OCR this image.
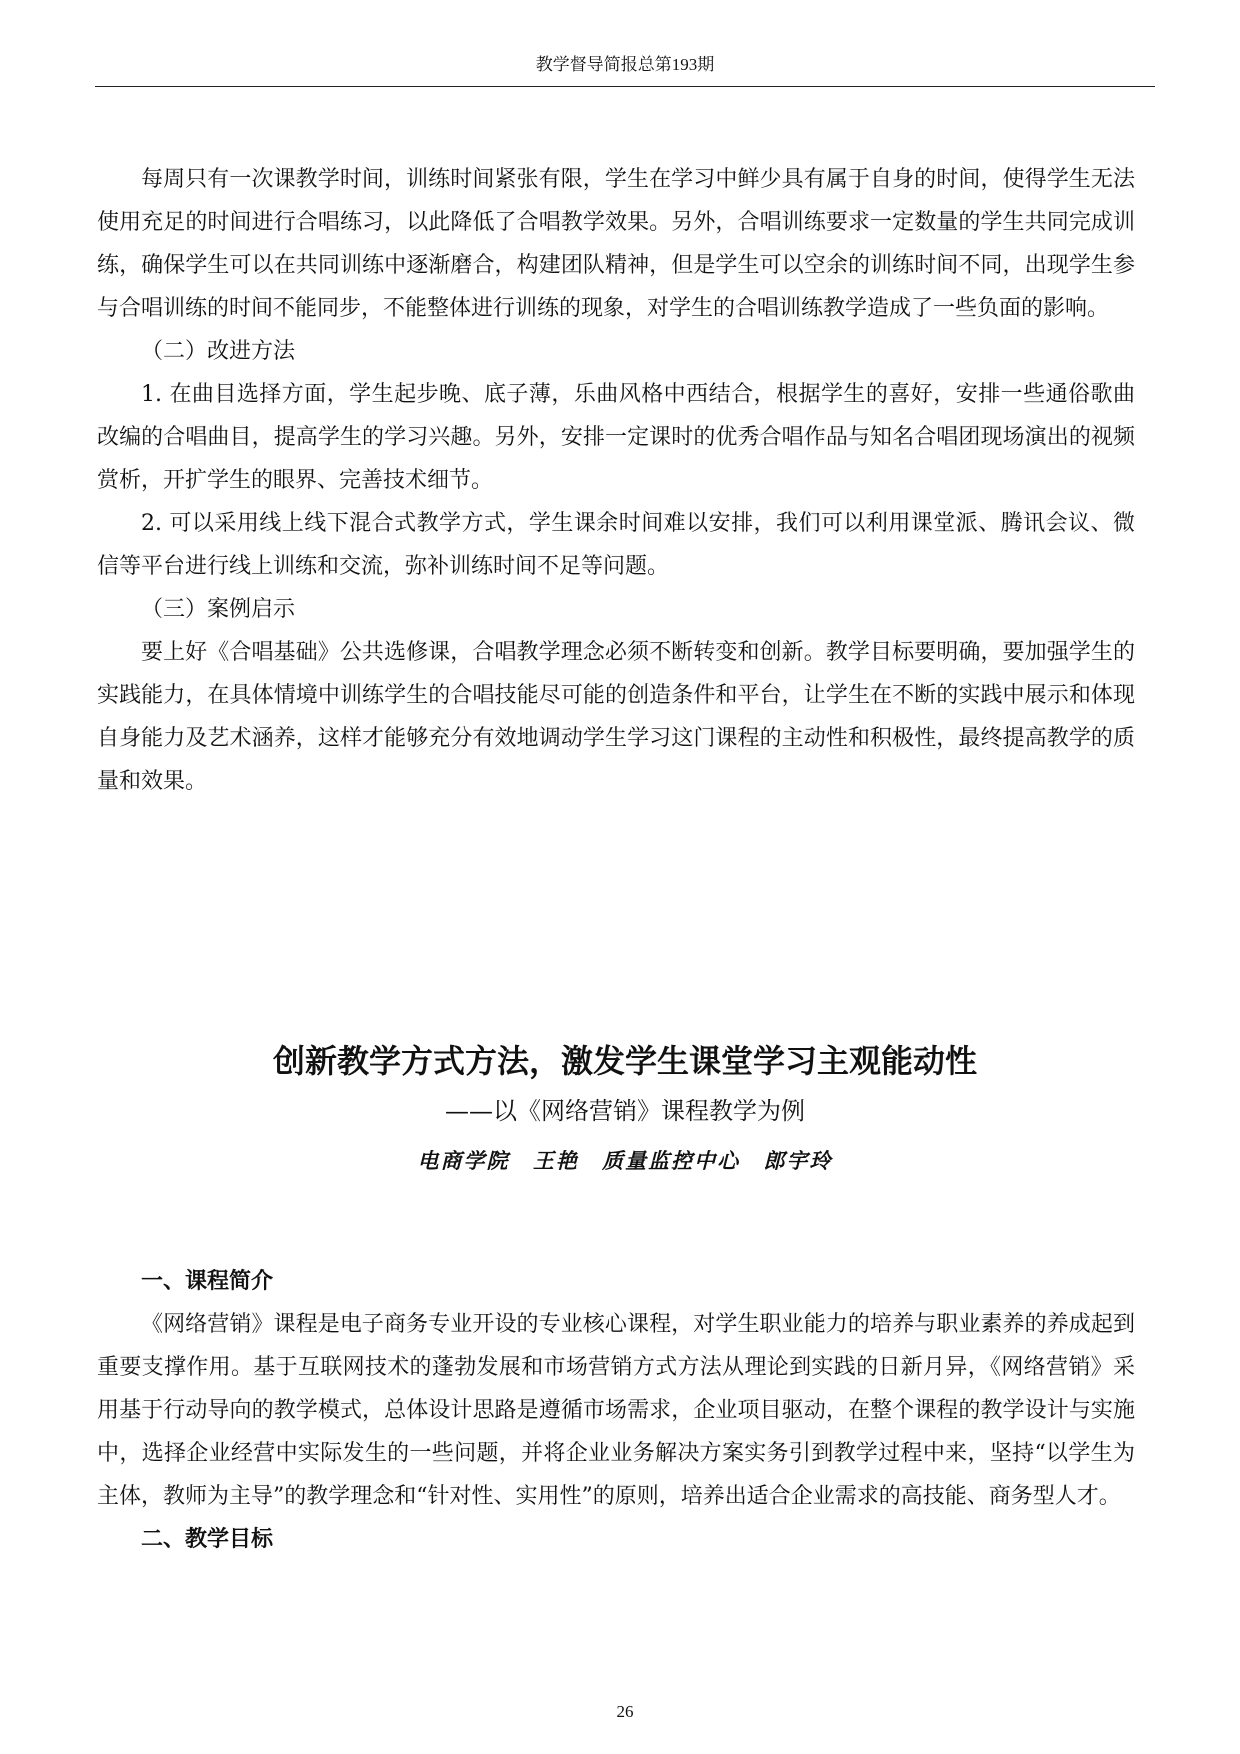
教学督导简报总第193期

每周只有一次课教学时间，训练时间紧张有限，学生在学习中鲜少具有属于自身的时间，使得学生无法使用充足的时间进行合唱练习，以此降低了合唱教学效果。另外，合唱训练要求一定数量的学生共同完成训练，确保学生可以在共同训练中逐渐磨合，构建团队精神，但是学生可以空余的训练时间不同，出现学生参与合唱训练的时间不能同步，不能整体进行训练的现象，对学生的合唱训练教学造成了一些负面的影响。

（二）改进方法

1. 在曲目选择方面，学生起步晚、底子薄，乐曲风格中西结合，根据学生的喜好，安排一些通俗歌曲改编的合唱曲目，提高学生的学习兴趣。另外，安排一定课时的优秀合唱作品与知名合唱团现场演出的视频赏析，开扩学生的眼界、完善技术细节。

2. 可以采用线上线下混合式教学方式，学生课余时间难以安排，我们可以利用课堂派、腾讯会议、微信等平台进行线上训练和交流，弥补训练时间不足等问题。

（三）案例启示

要上好《合唱基础》公共选修课，合唱教学理念必须不断转变和创新。教学目标要明确，要加强学生的实践能力，在具体情境中训练学生的合唱技能尽可能的创造条件和平台，让学生在不断的实践中展示和体现自身能力及艺术涵养，这样才能够充分有效地调动学生学习这门课程的主动性和积极性，最终提高教学的质量和效果。

创新教学方式方法，激发学生课堂学习主观能动性

——以《网络营销》课程教学为例

电商学院 王艳 质量监控中心 郎宇玲

一、课程简介

《网络营销》课程是电子商务专业开设的专业核心课程，对学生职业能力的培养与职业素养的养成起到重要支撑作用。基于互联网技术的蓬勃发展和市场营销方式方法从理论到实践的日新月异，《网络营销》采用基于行动导向的教学模式，总体设计思路是遵循市场需求，企业项目驱动，在整个课程的教学设计与实施中，选择企业经营中实际发生的一些问题，并将企业业务解决方案实务引到教学过程中来，坚持“以学生为主体，教师为主导”的教学理念和“针对性、实用性”的原则，培养出适合企业需求的高技能、商务型人才。

二、教学目标

26
